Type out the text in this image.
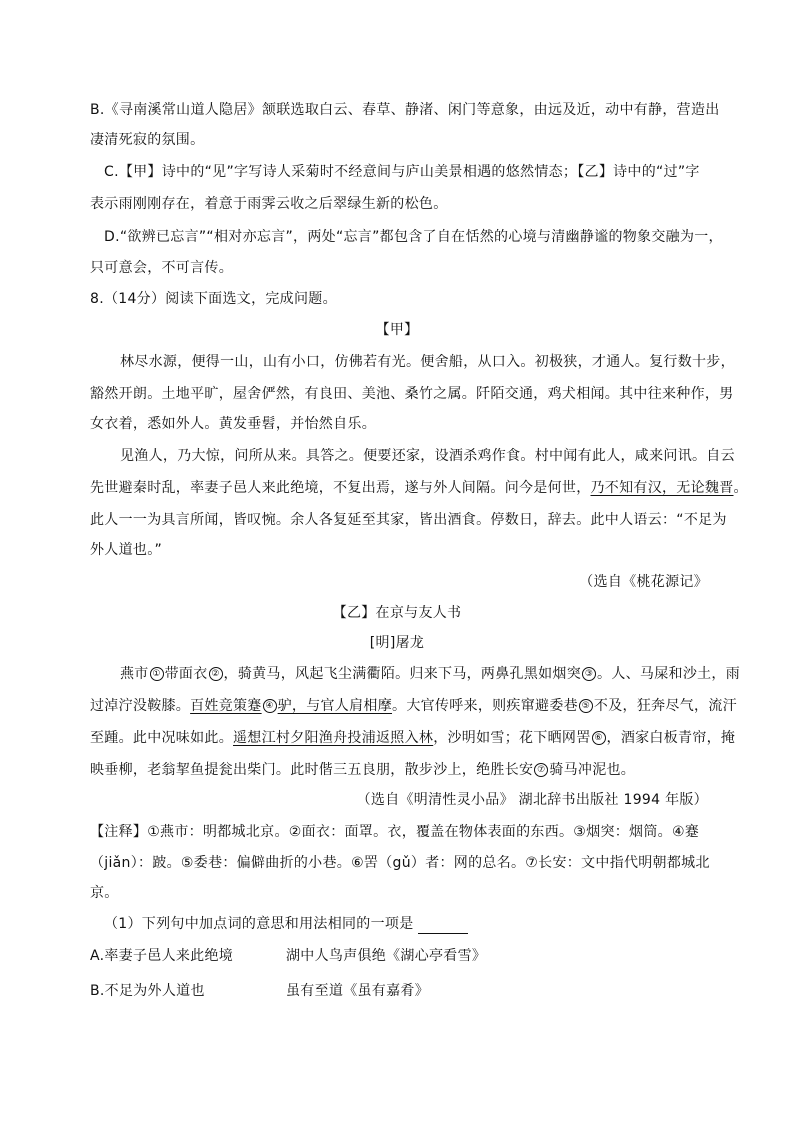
B.《寻南溪常山道人隐居》颔联选取白云、春草、静渚、闲门等意象，由远及近，动中有静，营造出
凄清死寂的氛围。
C.【甲】诗中的“见”字写诗人采菊时不经意间与庐山美景相遇的悠然情态；【乙】诗中的“过”字
表示雨刚刚存在，着意于雨霁云收之后翠绿生新的松色。
D.“欲辨已忘言”“相对亦忘言”，两处“忘言”都包含了自在恬然的心境与清幽静谧的物象交融为一，
只可意会，不可言传。
8.（14分）阅读下面选文，完成问题。
【甲】
林尽水源，便得一山，山有小口，仿佛若有光。便舍船，从口入。初极狭，才通人。复行数十步，
豁然开朗。土地平旷，屋舍俨然，有良田、美池、桑竹之属。阡陌交通，鸡犬相闻。其中往来种作，男
女衣着，悉如外人。黄发垂髫，并怡然自乐。
见渔人，乃大惊，问所从来。具答之。便要还家，设酒杀鸡作食。村中闻有此人，咸来问讯。自云
先世避秦时乱，率妻子邑人来此绝境，不复出焉，遂与外人间隔。问今是何世，乃不知有汉，无论魏晋。
此人一一为具言所闻，皆叹惋。余人各复延至其家，皆出酒食。停数日，辞去。此中人语云：“不足为
外人道也。”
（选自《桃花源记》
【乙】在京与友人书
[明]屠龙
燕市 ① 带面衣 ② ，骑黄马，风起飞尘满衢陌。归来下马，两鼻孔黑如烟突 ③ 。人、马屎和沙土，雨
过淖泞没鞍膝。百姓竞策蹇 ④ 驴，与官人肩相摩。大官传呼来，则疾窜避委巷 ⑤ 不及，狂奔尽气，流汗
至踵。此中况味如此。遥想江村夕阳渔舟投浦返照入林，沙明如雪；花下晒网罟 ⑥ ，酒家白板青帘，掩
映垂柳，老翁挈鱼提瓮出柴门。此时偕三五良朋，散步沙上，绝胜长安 ⑦ 骑马冲泥也。
（选自《明清性灵小品》 湖北辞书出版社 1994 年版）
【注释】①燕市：明都城北京。②面衣：面罩。衣，覆盖在物体表面的东西。③烟突：烟筒。④蹇
（jiǎn）：跛。⑤委巷：偏僻曲折的小巷。⑥罟（gǔ）者：网的总名。⑦长安：文中指代明朝都城北
京。
（1）下列句中加点词的意思和用法相同的一项是
A.率妻子邑人来此绝境	湖中人鸟声俱绝《湖心亭看雪》
B.不足为外人道也	虽有至道《虽有嘉肴》
